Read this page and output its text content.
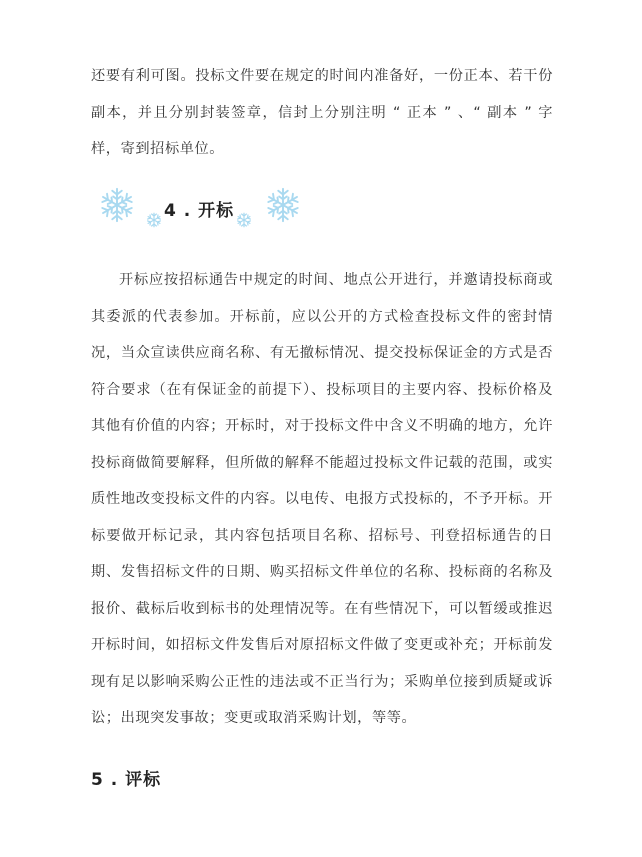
还要有利可图。投标文件要在规定的时间内准备好，一份正本、若干份副本，并且分别封装签章，信封上分别注明 “ 正本 ” 、“ 副本 ” 字样，寄到招标单位。
4 . 开标
开标应按招标通告中规定的时间、地点公开进行，并邀请投标商或其委派的代表参加。开标前，应以公开的方式检查投标文件的密封情况，当众宣读供应商名称、有无撤标情况、提交投标保证金的方式是否符合要求（在有保证金的前提下）、投标项目的主要内容、投标价格及其他有价值的内容；开标时，对于投标文件中含义不明确的地方，允许投标商做简要解释，但所做的解释不能超过投标文件记载的范围，或实质性地改变投标文件的内容。以电传、电报方式投标的，不予开标。开标要做开标记录，其内容包括项目名称、招标号、刊登招标通告的日期、发售招标文件的日期、购买招标文件单位的名称、投标商的名称及报价、截标后收到标书的处理情况等。在有些情况下，可以暂缓或推迟开标时间，如招标文件发售后对原招标文件做了变更或补充；开标前发现有足以影响采购公正性的违法或不正当行为；采购单位接到质疑或诉讼；出现突发事故；变更或取消采购计划，等等。
5 . 评标
